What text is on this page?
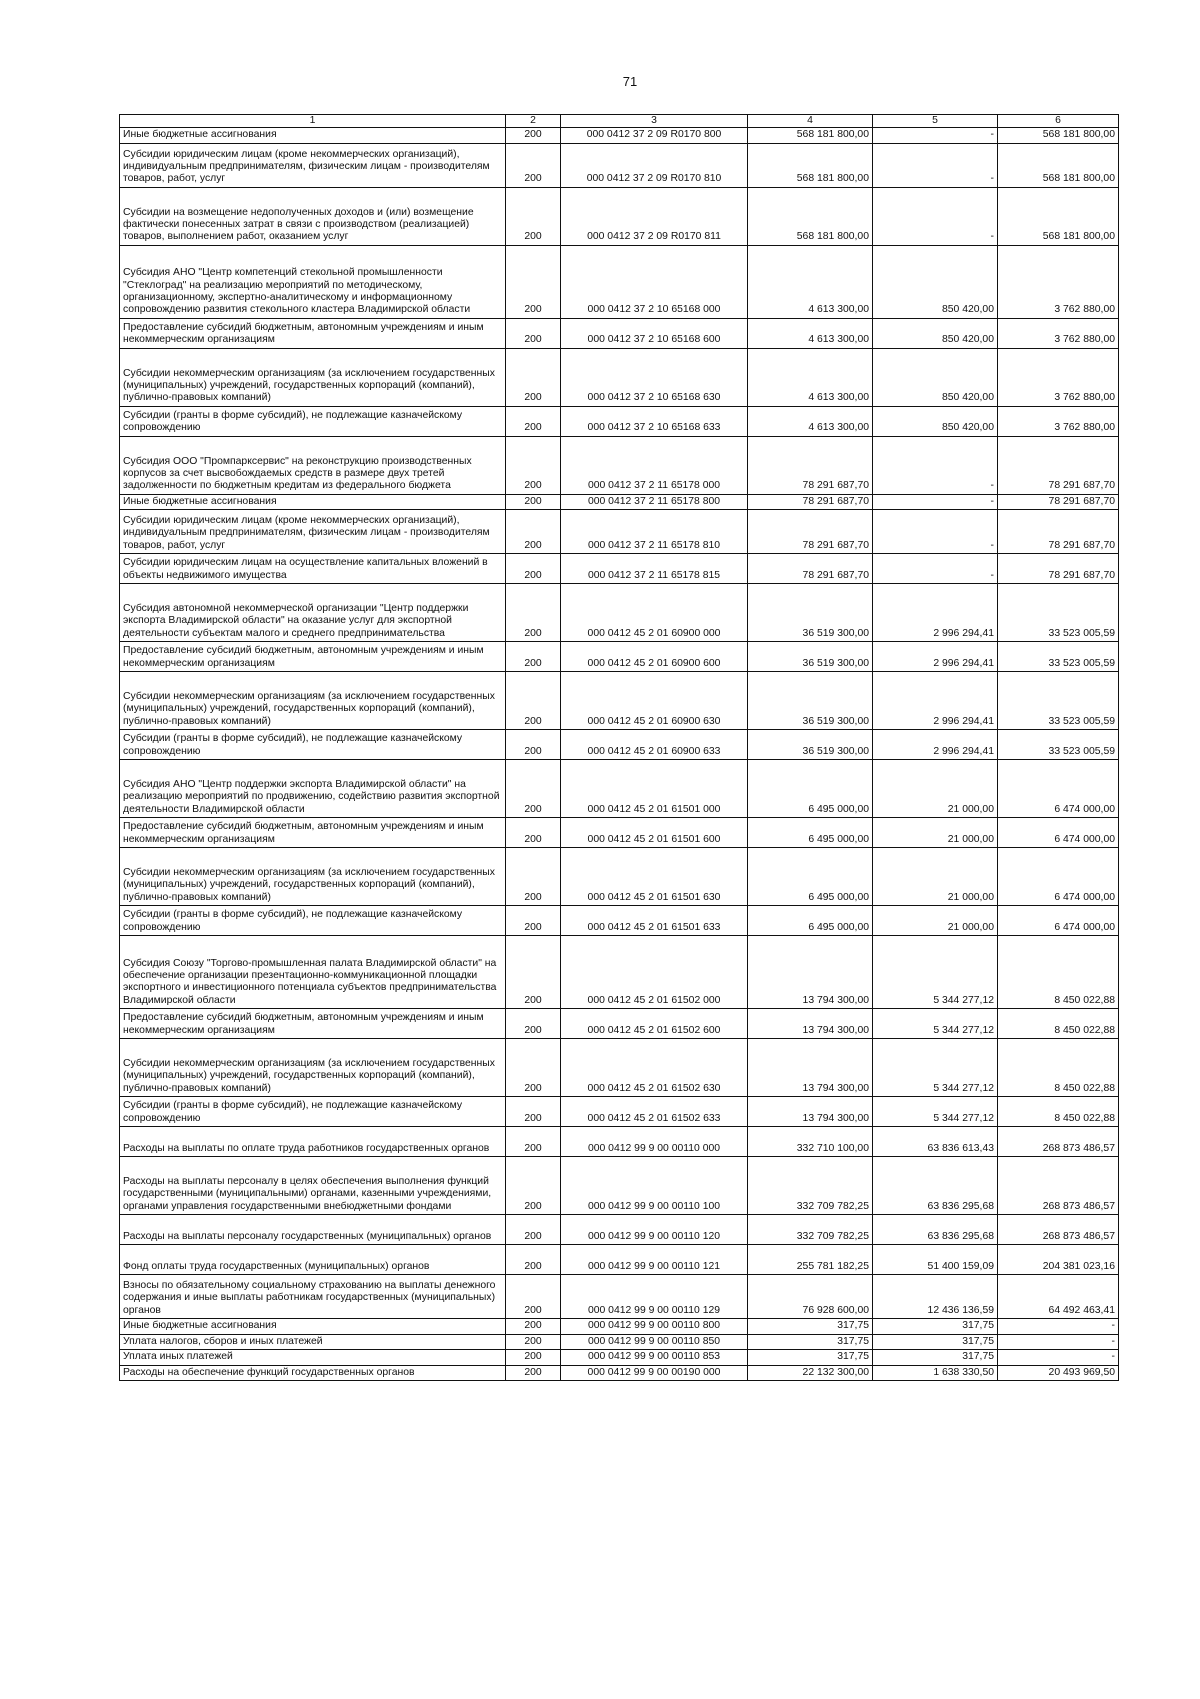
71
1	2	3	4	5	6
Иные бюджетные ассигнования	200	000 0412 37 2 09 R0170 800	568 181 800,00	-	568 181 800,00
Субсидии юридическим лицам (кроме некоммерческих организаций), индивидуальным предпринимателям, физическим лицам - производителям товаров, работ, услуг	200	000 0412 37 2 09 R0170 810	568 181 800,00	-	568 181 800,00
Субсидии на возмещение недополученных доходов и (или) возмещение фактически понесенных затрат в связи с производством (реализацией) товаров, выполнением работ, оказанием услуг	200	000 0412 37 2 09 R0170 811	568 181 800,00	-	568 181 800,00
Субсидия АНО "Центр компетенций стекольной промышленности "Стеклоград" на реализацию мероприятий по методическому, организационному, экспертно-аналитическому и информационному сопровождению развития стекольного кластера Владимирской области	200	000 0412 37 2 10 65168 000	4 613 300,00	850 420,00	3 762 880,00
Предоставление субсидий бюджетным, автономным учреждениям и иным некоммерческим организациям	200	000 0412 37 2 10 65168 600	4 613 300,00	850 420,00	3 762 880,00
Субсидии некоммерческим организациям (за исключением государственных (муниципальных) учреждений, государственных корпораций (компаний), публично-правовых компаний)	200	000 0412 37 2 10 65168 630	4 613 300,00	850 420,00	3 762 880,00
Субсидии (гранты в форме субсидий), не подлежащие казначейскому сопровождению	200	000 0412 37 2 10 65168 633	4 613 300,00	850 420,00	3 762 880,00
Субсидия ООО "Промпарксервис" на реконструкцию производственных корпусов за счет высвобождаемых средств в размере двух третей задолженности по бюджетным кредитам из федерального бюджета	200	000 0412 37 2 11 65178 000	78 291 687,70	-	78 291 687,70
Иные бюджетные ассигнования	200	000 0412 37 2 11 65178 800	78 291 687,70	-	78 291 687,70
Субсидии юридическим лицам (кроме некоммерческих организаций), индивидуальным предпринимателям, физическим лицам - производителям товаров, работ, услуг	200	000 0412 37 2 11 65178 810	78 291 687,70	-	78 291 687,70
Субсидии юридическим лицам на осуществление капитальных вложений в объекты недвижимого имущества	200	000 0412 37 2 11 65178 815	78 291 687,70	-	78 291 687,70
Субсидия автономной некоммерческой организации "Центр поддержки экспорта Владимирской области" на оказание услуг для экспортной деятельности субъектам малого и среднего предпринимательства	200	000 0412 45 2 01 60900 000	36 519 300,00	2 996 294,41	33 523 005,59
Предоставление субсидий бюджетным, автономным учреждениям и иным некоммерческим организациям	200	000 0412 45 2 01 60900 600	36 519 300,00	2 996 294,41	33 523 005,59
Субсидии некоммерческим организациям (за исключением государственных (муниципальных) учреждений, государственных корпораций (компаний), публично-правовых компаний)	200	000 0412 45 2 01 60900 630	36 519 300,00	2 996 294,41	33 523 005,59
Субсидии (гранты в форме субсидий), не подлежащие казначейскому сопровождению	200	000 0412 45 2 01 60900 633	36 519 300,00	2 996 294,41	33 523 005,59
Субсидия АНО "Центр поддержки экспорта Владимирской области" на реализацию мероприятий по продвижению, содействию развития экспортной деятельности Владимирской области	200	000 0412 45 2 01 61501 000	6 495 000,00	21 000,00	6 474 000,00
Предоставление субсидий бюджетным, автономным учреждениям и иным некоммерческим организациям	200	000 0412 45 2 01 61501 600	6 495 000,00	21 000,00	6 474 000,00
Субсидии некоммерческим организациям (за исключением государственных (муниципальных) учреждений, государственных корпораций (компаний), публично-правовых компаний)	200	000 0412 45 2 01 61501 630	6 495 000,00	21 000,00	6 474 000,00
Субсидии (гранты в форме субсидий), не подлежащие казначейскому сопровождению	200	000 0412 45 2 01 61501 633	6 495 000,00	21 000,00	6 474 000,00
Субсидия Союзу "Торгово-промышленная палата Владимирской области" на обеспечение организации презентационно-коммуникационной площадки экспортного и инвестиционного потенциала субъектов предпринимательства Владимирской области	200	000 0412 45 2 01 61502 000	13 794 300,00	5 344 277,12	8 450 022,88
Предоставление субсидий бюджетным, автономным учреждениям и иным некоммерческим организациям	200	000 0412 45 2 01 61502 600	13 794 300,00	5 344 277,12	8 450 022,88
Субсидии некоммерческим организациям (за исключением государственных (муниципальных) учреждений, государственных корпораций (компаний), публично-правовых компаний)	200	000 0412 45 2 01 61502 630	13 794 300,00	5 344 277,12	8 450 022,88
Субсидии (гранты в форме субсидий), не подлежащие казначейскому сопровождению	200	000 0412 45 2 01 61502 633	13 794 300,00	5 344 277,12	8 450 022,88
Расходы на выплаты по оплате труда работников государственных органов	200	000 0412 99 9 00 00110 000	332 710 100,00	63 836 613,43	268 873 486,57
Расходы на выплаты персоналу в целях обеспечения выполнения функций государственными (муниципальными) органами, казенными учреждениями, органами управления государственными внебюджетными фондами	200	000 0412 99 9 00 00110 100	332 709 782,25	63 836 295,68	268 873 486,57
Расходы на выплаты персоналу государственных (муниципальных) органов	200	000 0412 99 9 00 00110 120	332 709 782,25	63 836 295,68	268 873 486,57
Фонд оплаты труда государственных (муниципальных) органов	200	000 0412 99 9 00 00110 121	255 781 182,25	51 400 159,09	204 381 023,16
Взносы по обязательному социальному страхованию на выплаты денежного содержания и иные выплаты работникам государственных (муниципальных) органов	200	000 0412 99 9 00 00110 129	76 928 600,00	12 436 136,59	64 492 463,41
Иные бюджетные ассигнования	200	000 0412 99 9 00 00110 800	317,75	317,75	-
Уплата налогов, сборов и иных платежей	200	000 0412 99 9 00 00110 850	317,75	317,75	-
Уплата иных платежей	200	000 0412 99 9 00 00110 853	317,75	317,75	-
Расходы на обеспечение функций государственных органов	200	000 0412 99 9 00 00190 000	22 132 300,00	1 638 330,50	20 493 969,50
